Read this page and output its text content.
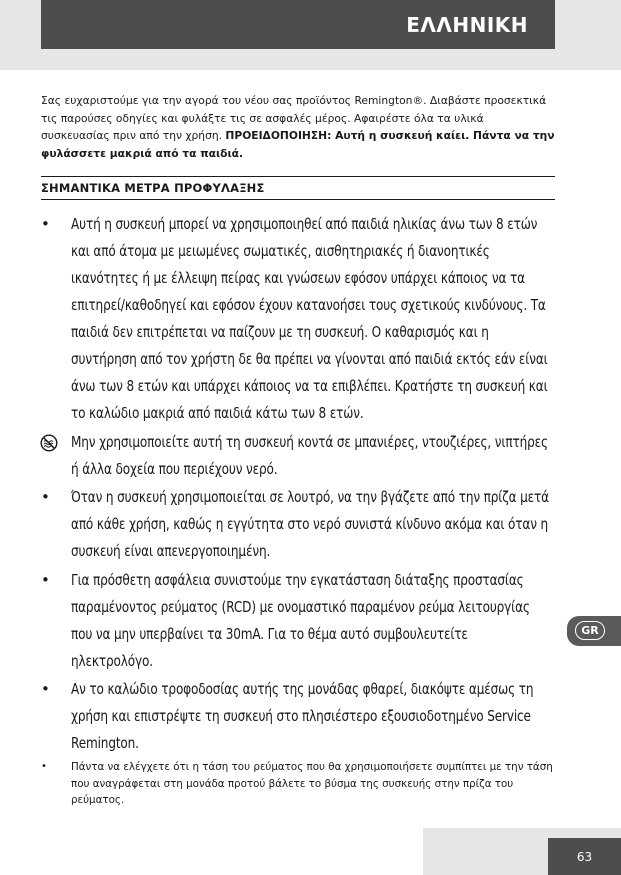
ΕΛΛΗΝΙΚΗ
Σας ευχαριστούμε για την αγορά του νέου σας προϊόντος Remington®. Διαβάστε προσεκτικά τις παρούσες οδηγίες και φυλάξτε τις σε ασφαλές μέρος. Αφαιρέστε όλα τα υλικά συσκευασίας πριν από την χρήση. ΠΡΟΕΙΔΟΠΟΙΗΣΗ: Αυτή η συσκευή καίει. Πάντα να την φυλάσσετε μακριά από τα παιδιά.
ΣΗΜΑΝΤΙΚΑ ΜΕΤΡΑ ΠΡΟΦΥΛΑΞΗΣ
• Αυτή η συσκευή μπορεί να χρησιμοποιηθεί από παιδιά ηλικίας άνω των 8 ετών και από άτομα με μειωμένες σωματικές, αισθητηριακές ή διανοητικές ικανότητες ή με έλλειψη πείρας και γνώσεων εφόσον υπάρχει κάποιος να τα επιτηρεί/καθοδηγεί και εφόσον έχουν κατανοήσει τους σχετικούς κινδύνους. Τα παιδιά δεν επιτρέπεται να παίζουν με τη συσκευή. Ο καθαρισμός και η συντήρηση από τον χρήστη δε θα πρέπει να γίνονται από παιδιά εκτός εάν είναι άνω των 8 ετών και υπάρχει κάποιος να τα επιβλέπει. Κρατήστε τη συσκευή και το καλώδιο μακριά από παιδιά κάτω των 8 ετών.
Μην χρησιμοποιείτε αυτή τη συσκευή κοντά σε μπανιέρες, ντουζιέρες, νιπτήρες ή άλλα δοχεία που περιέχουν νερό.
• Όταν η συσκευή χρησιμοποιείται σε λουτρό, να την βγάζετε από την πρίζα μετά από κάθε χρήση, καθώς η εγγύτητα στο νερό συνιστά κίνδυνο ακόμα και όταν η συσκευή είναι απενεργοποιημένη.
• Για πρόσθετη ασφάλεια συνιστούμε την εγκατάσταση διάταξης προστασίας παραμένοντος ρεύματος (RCD) με ονομαστικό παραμένον ρεύμα λειτουργίας που να μην υπερβαίνει τα 30mA. Για το θέμα αυτό συμβουλευτείτε ηλεκτρολόγο.
• Αν το καλώδιο τροφοδοσίας αυτής της μονάδας φθαρεί, διακόψτε αμέσως τη χρήση και επιστρέψτε τη συσκευή στο πλησιέστερο εξουσιοδοτημένο Service Remington.
• Πάντα να ελέγχετε ότι η τάση του ρεύματος που θα χρησιμοποιήσετε συμπίπτει με την τάση που αναγράφεται στη μονάδα προτού βάλετε το βύσμα της συσκευής στην πρίζα του ρεύματος.
GR
63
